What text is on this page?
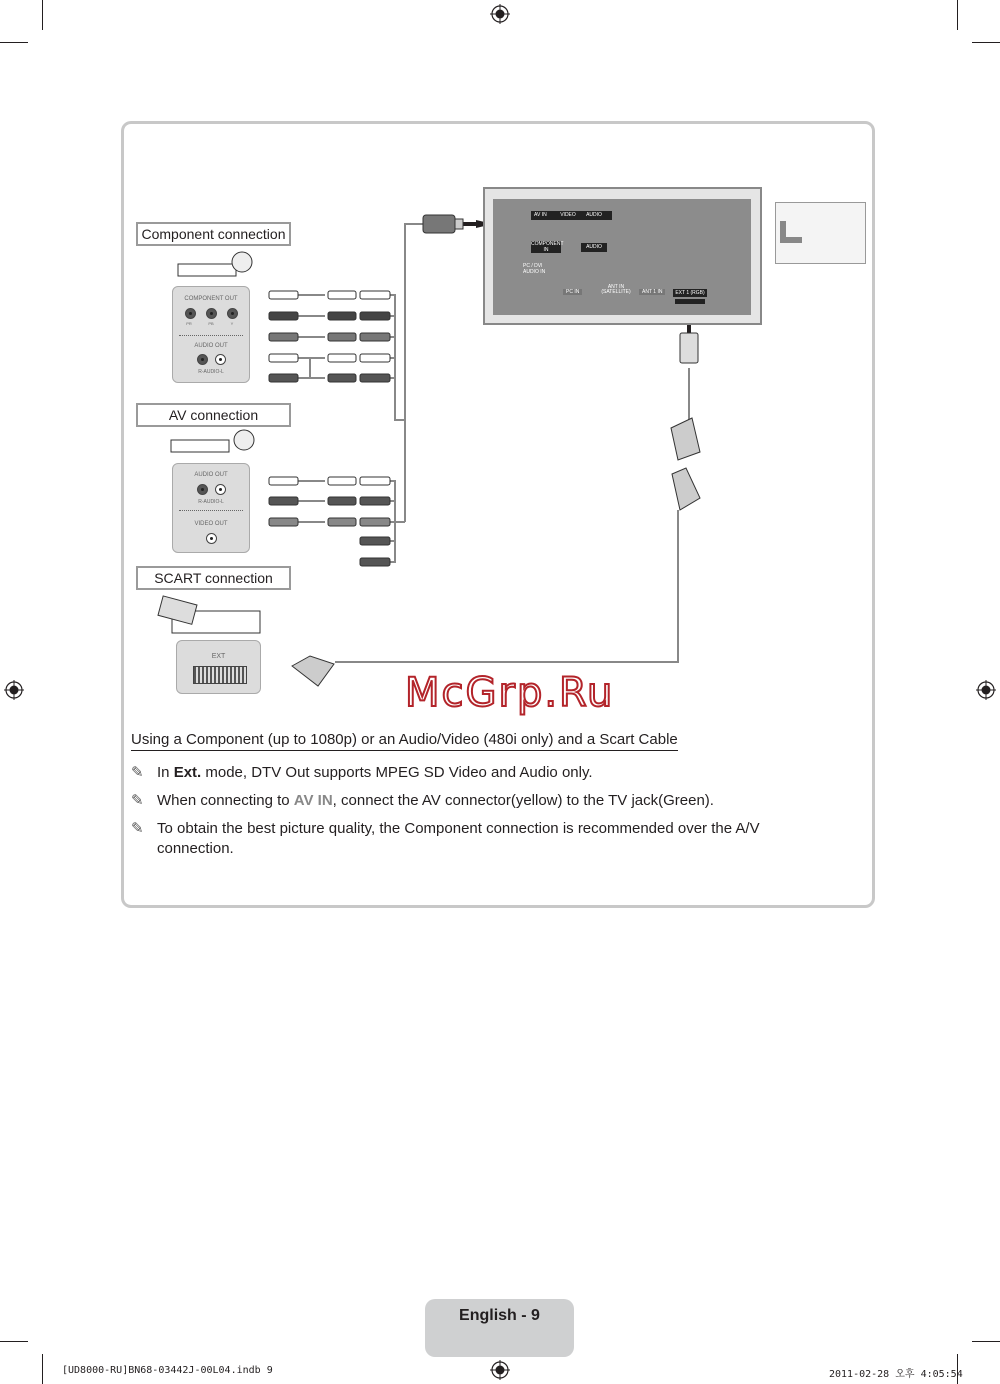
Component connection
AV connection
SCART connection
COMPONENT OUT
PR	PB	Y
AUDIO OUT
R-AUDIO-L
AUDIO OUT
R-AUDIO-L
VIDEO OUT
EXT
AV IN	VIDEO	AUDIO
COMPONENT IN	AUDIO
PC / DVI AUDIO IN
PC IN
ANT IN (SATELLITE)	ANT 1 IN	EXT 1 (RGB)
McGrp.Ru
Using a Component (up to 1080p) or an Audio/Video (480i only) and a Scart Cable
✎ In Ext. mode, DTV Out supports MPEG SD Video and Audio only.
✎ When connecting to AV IN, connect the AV connector(yellow) to the TV jack(Green).
✎ To obtain the best picture quality, the Component connection is recommended over the A/V connection.
English - 9
[UD8000-RU]BN68-03442J-00L04.indb 9	2011-02-28 오후 4:05:54
